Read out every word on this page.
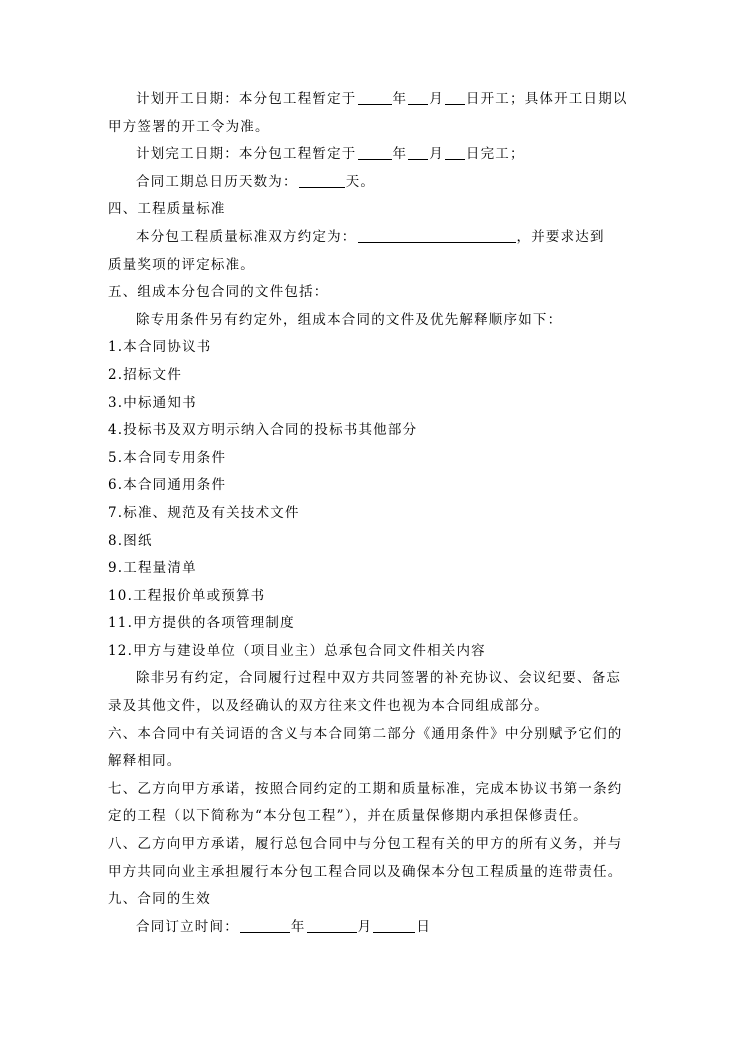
计划开工日期：本分包工程暂定于	年 月 日开工；具体开工日期以
甲方签署的开工令为准。
计划完工日期：本分包工程暂定于	年 月 日完工；
合同工期总日历天数为：	天。
四、工程质量标准
本分包工程质量标准双方约定为：	，并要求达到
质量奖项的评定标准。
五、组成本分包合同的文件包括：
除专用条件另有约定外，组成本合同的文件及优先解释顺序如下：
1.本合同协议书
2.招标文件
3.中标通知书
4.投标书及双方明示纳入合同的投标书其他部分
5.本合同专用条件
6.本合同通用条件
7.标准、规范及有关技术文件
8.图纸
9.工程量清单
10.工程报价单或预算书
11.甲方提供的各项管理制度
12.甲方与建设单位（项目业主）总承包合同文件相关内容
除非另有约定，合同履行过程中双方共同签署的补充协议、会议纪要、备忘
录及其他文件，以及经确认的双方往来文件也视为本合同组成部分。
六、本合同中有关词语的含义与本合同第二部分《通用条件》中分别赋予它们的
解释相同。
七、乙方向甲方承诺，按照合同约定的工期和质量标准，完成本协议书第一条约
定的工程（以下简称为“本分包工程”），并在质量保修期内承担保修责任。
八、乙方向甲方承诺，履行总包合同中与分包工程有关的甲方的所有义务，并与
甲方共同向业主承担履行本分包工程合同以及确保本分包工程质量的连带责任。
九、合同的生效
合同订立时间：	年	月	日
